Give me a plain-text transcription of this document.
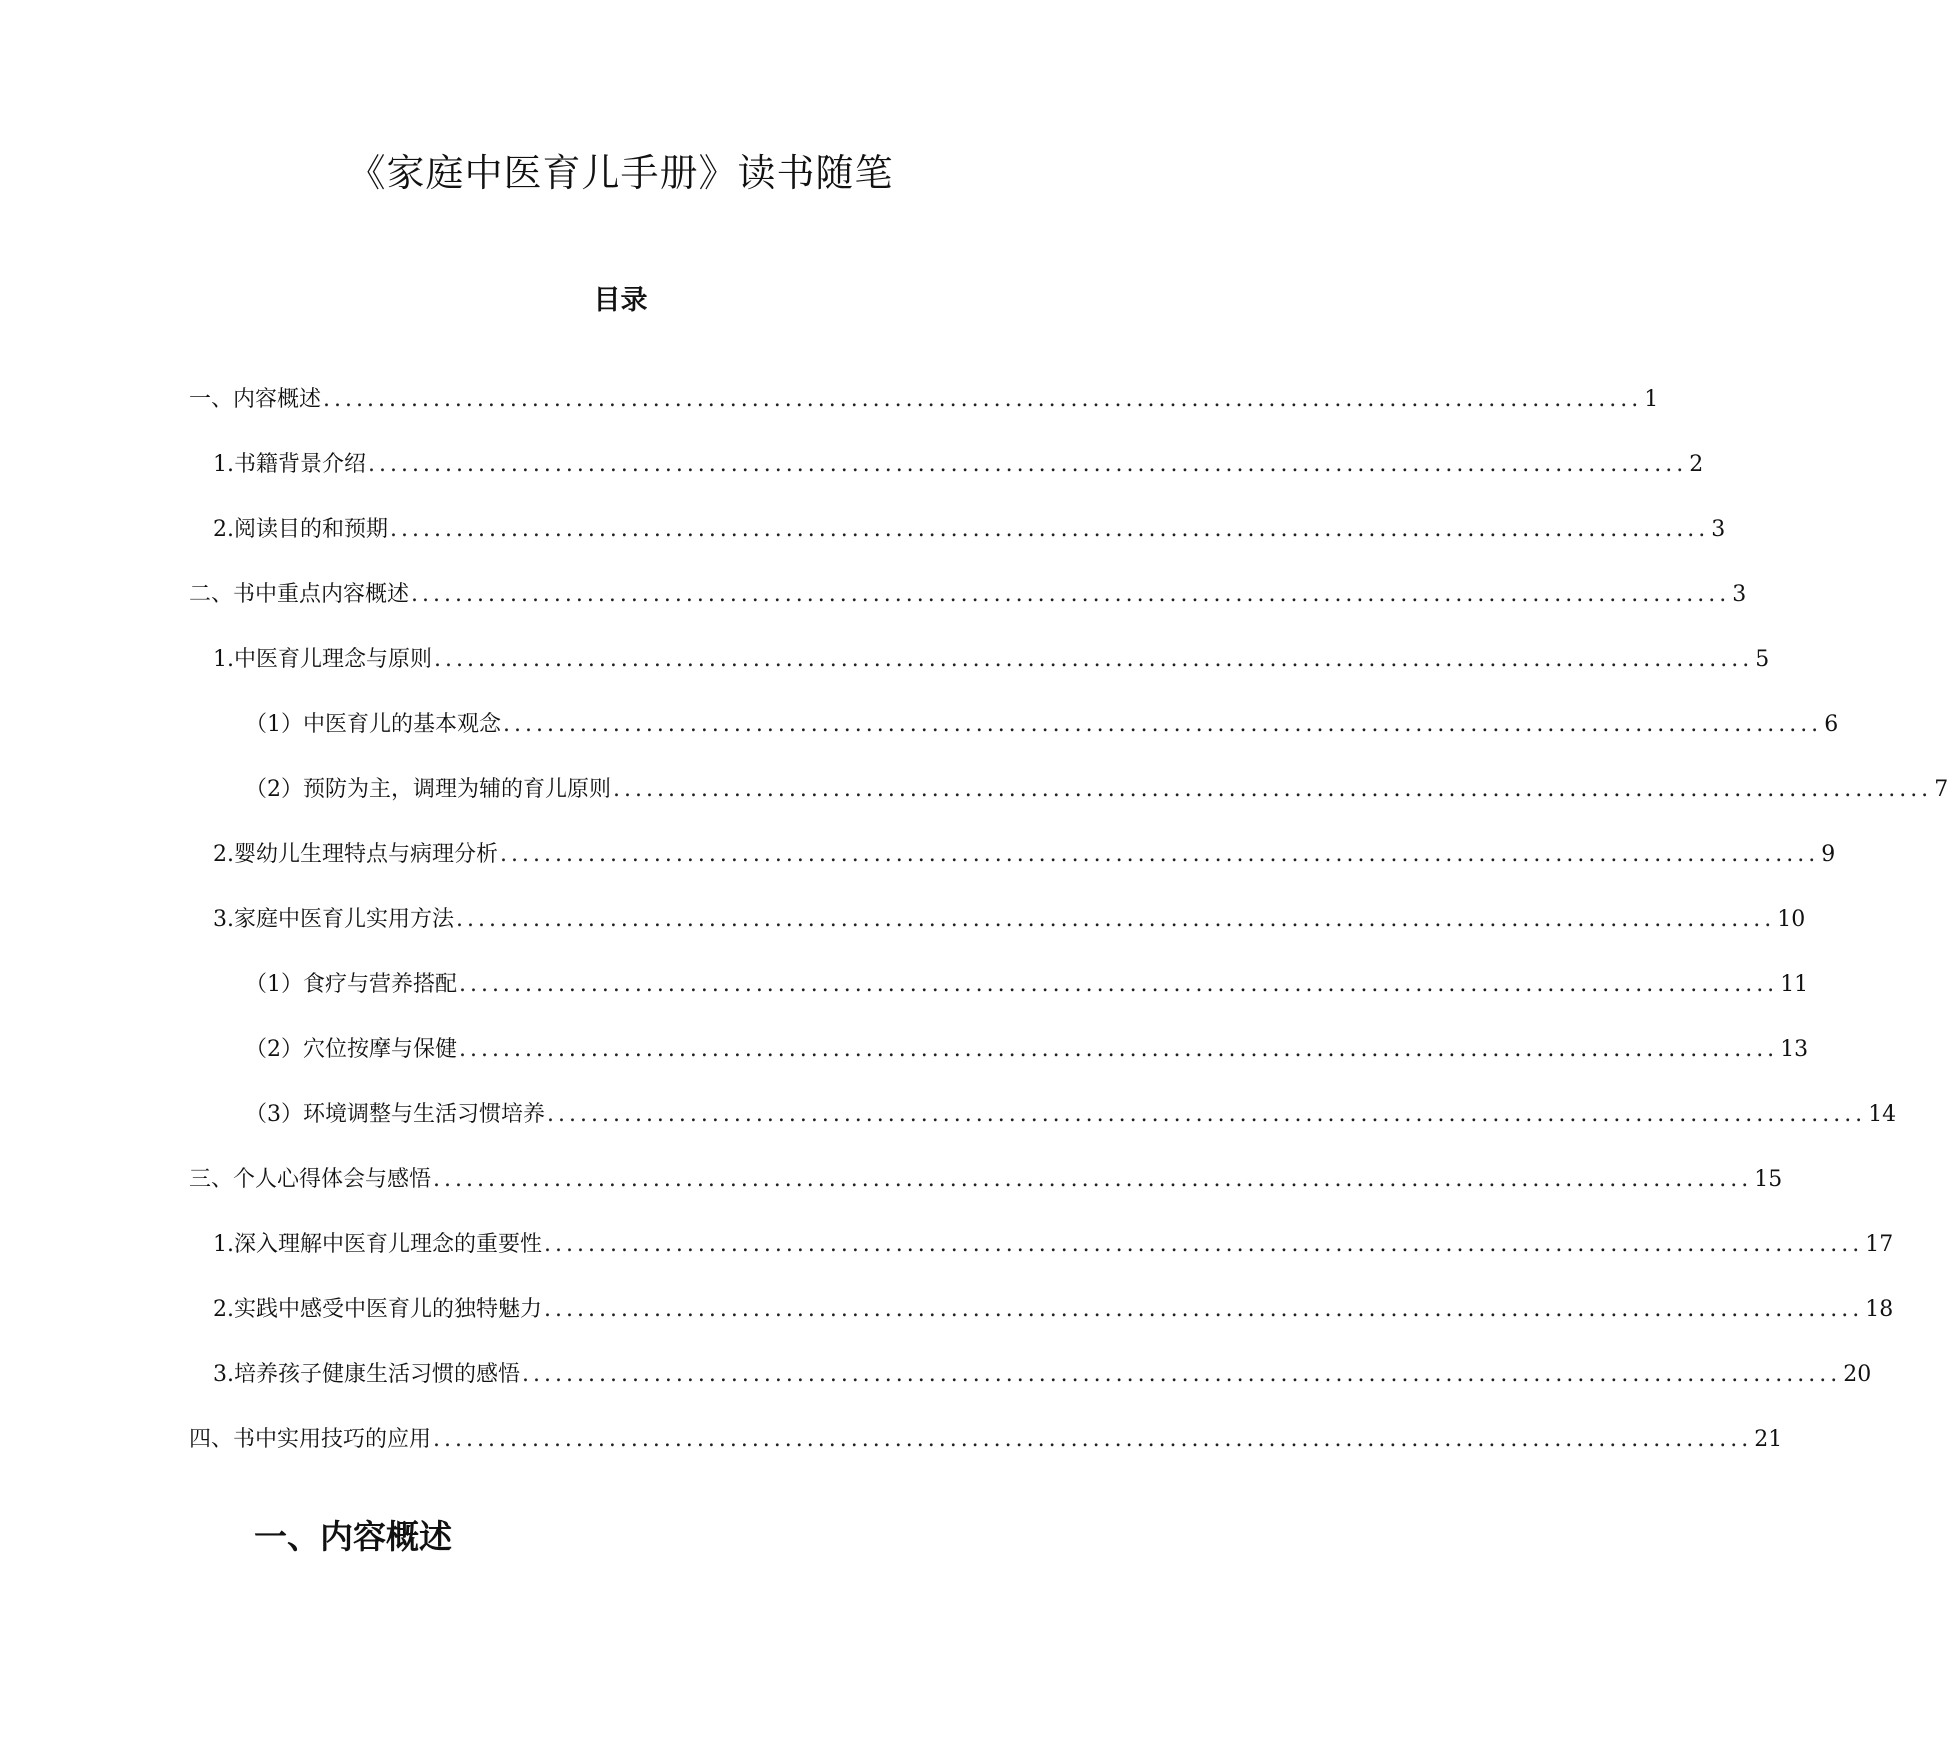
《家庭中医育儿手册》读书随笔
目录
一、内容概述 ........................................................................................................................ 1
1. 书籍背景介绍 ........................................................................................................................ 2
2. 阅读目的和预期 ........................................................................................................................ 3
二、书中重点内容概述 ........................................................................................................................ 3
1. 中医育儿理念与原则 ........................................................................................................................ 5
（1）中医育儿的基本观念 ........................................................................................................................ 6
（2）预防为主，调理为辅的育儿原则 ........................................................................................................................ 7
2. 婴幼儿生理特点与病理分析 ........................................................................................................................ 9
3. 家庭中医育儿实用方法 ........................................................................................................................ 10
（1）食疗与营养搭配 ........................................................................................................................ 11
（2）穴位按摩与保健 ........................................................................................................................ 13
（3）环境调整与生活习惯培养 ........................................................................................................................ 14
三、个人心得体会与感悟 ........................................................................................................................ 15
1. 深入理解中医育儿理念的重要性 ........................................................................................................................ 17
2. 实践中感受中医育儿的独特魅力 ........................................................................................................................ 18
3. 培养孩子健康生活习惯的感悟 ........................................................................................................................ 20
四、书中实用技巧的应用 ........................................................................................................................ 21
一、内容概述
